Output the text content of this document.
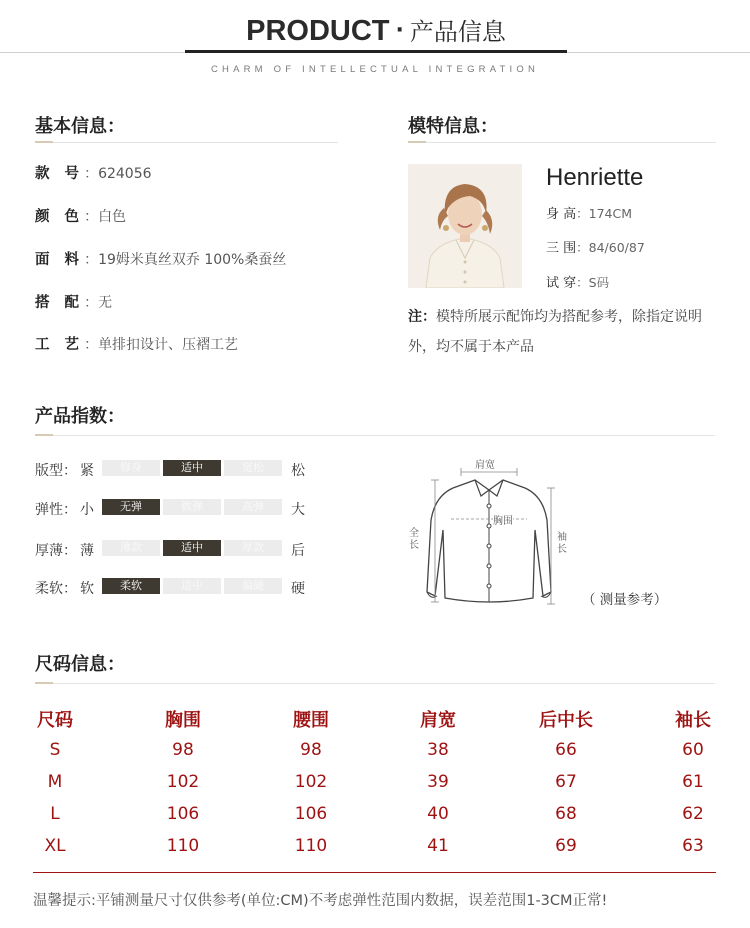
PRODUCT · 产品信息
CHARM OF INTELLECTUAL INTEGRATION
基本信息：
款 号：624056
颜 色：白色
面 料：19姆米真丝双乔 100%桑蚕丝
搭 配：无
工 艺：单排扣设计、压褶工艺
模特信息：
Henriette
身 高：174CM
三 围：84/60/87
试 穿：S码
注：模特所展示配饰均为搭配参考，除指定说明外，均不属于本产品
产品指数：
版型： 紧	修身	适中	宽松	松
弹性： 小	无弹	微弹	高弹	大
厚薄： 薄	薄款	适中	厚款	后
柔软： 软	柔软	适中	偏硬	硬
肩宽
胸围
全长
袖长
（ 测量参考）
尺码信息：
尺码	胸围	腰围	肩宽	后中长	袖长
S	98	98	38	66	60
M	102	102	39	67	61
L	106	106	40	68	62
XL	110	110	41	69	63
温馨提示:平铺测量尺寸仅供参考(单位:CM)不考虑弹性范围内数据，误差范围1-3CM正常!
